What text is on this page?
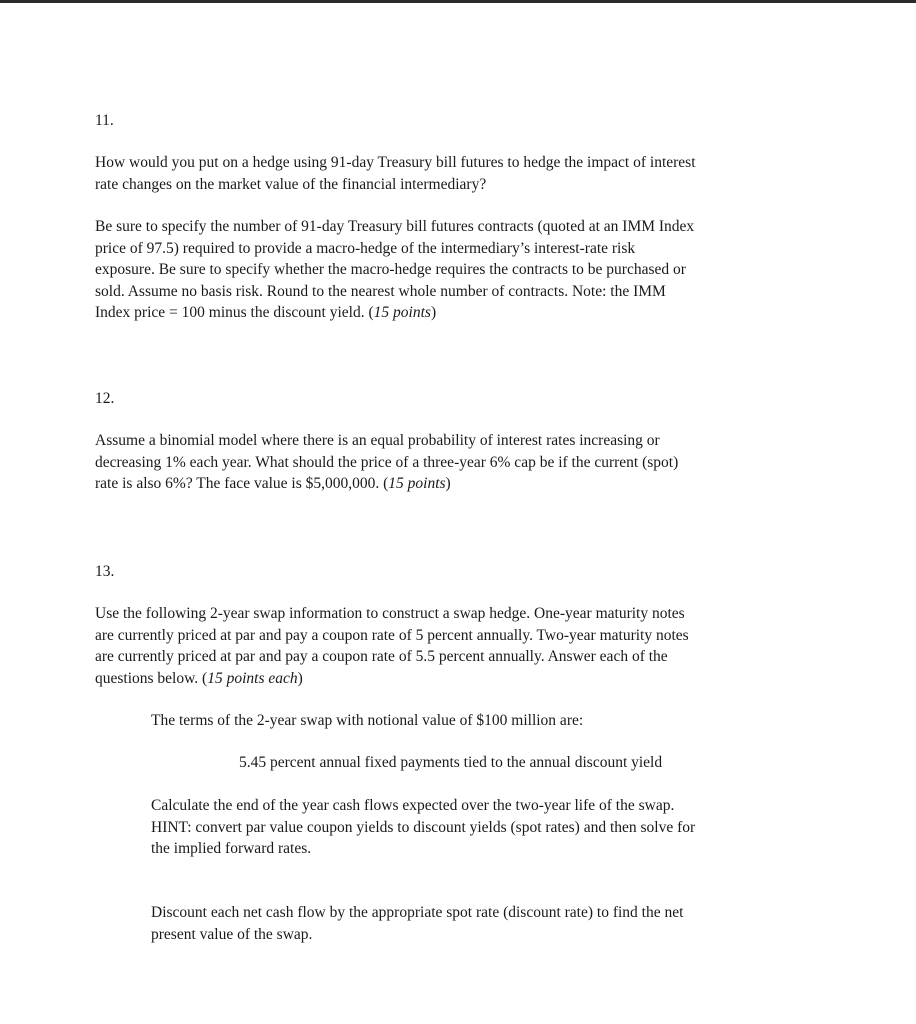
11.

How would you put on a hedge using 91-day Treasury bill futures to hedge the impact of interest
rate changes on the market value of the financial intermediary?

Be sure to specify the number of 91-day Treasury bill futures contracts (quoted at an IMM Index
price of 97.5) required to provide a macro-hedge of the intermediary’s interest-rate risk
exposure. Be sure to specify whether the macro-hedge requires the contracts to be purchased or
sold. Assume no basis risk. Round to the nearest whole number of contracts. Note: the IMM
Index price = 100 minus the discount yield. (15 points)

12.

Assume a binomial model where there is an equal probability of interest rates increasing or
decreasing 1% each year. What should the price of a three-year 6% cap be if the current (spot)
rate is also 6%? The face value is $5,000,000. (15 points)

13.

Use the following 2-year swap information to construct a swap hedge. One-year maturity notes
are currently priced at par and pay a coupon rate of 5 percent annually. Two-year maturity notes
are currently priced at par and pay a coupon rate of 5.5 percent annually. Answer each of the
questions below. (15 points each)

The terms of the 2-year swap with notional value of $100 million are:

5.45 percent annual fixed payments tied to the annual discount yield

Calculate the end of the year cash flows expected over the two-year life of the swap.
HINT: convert par value coupon yields to discount yields (spot rates) and then solve for
the implied forward rates.

Discount each net cash flow by the appropriate spot rate (discount rate) to find the net
present value of the swap.
